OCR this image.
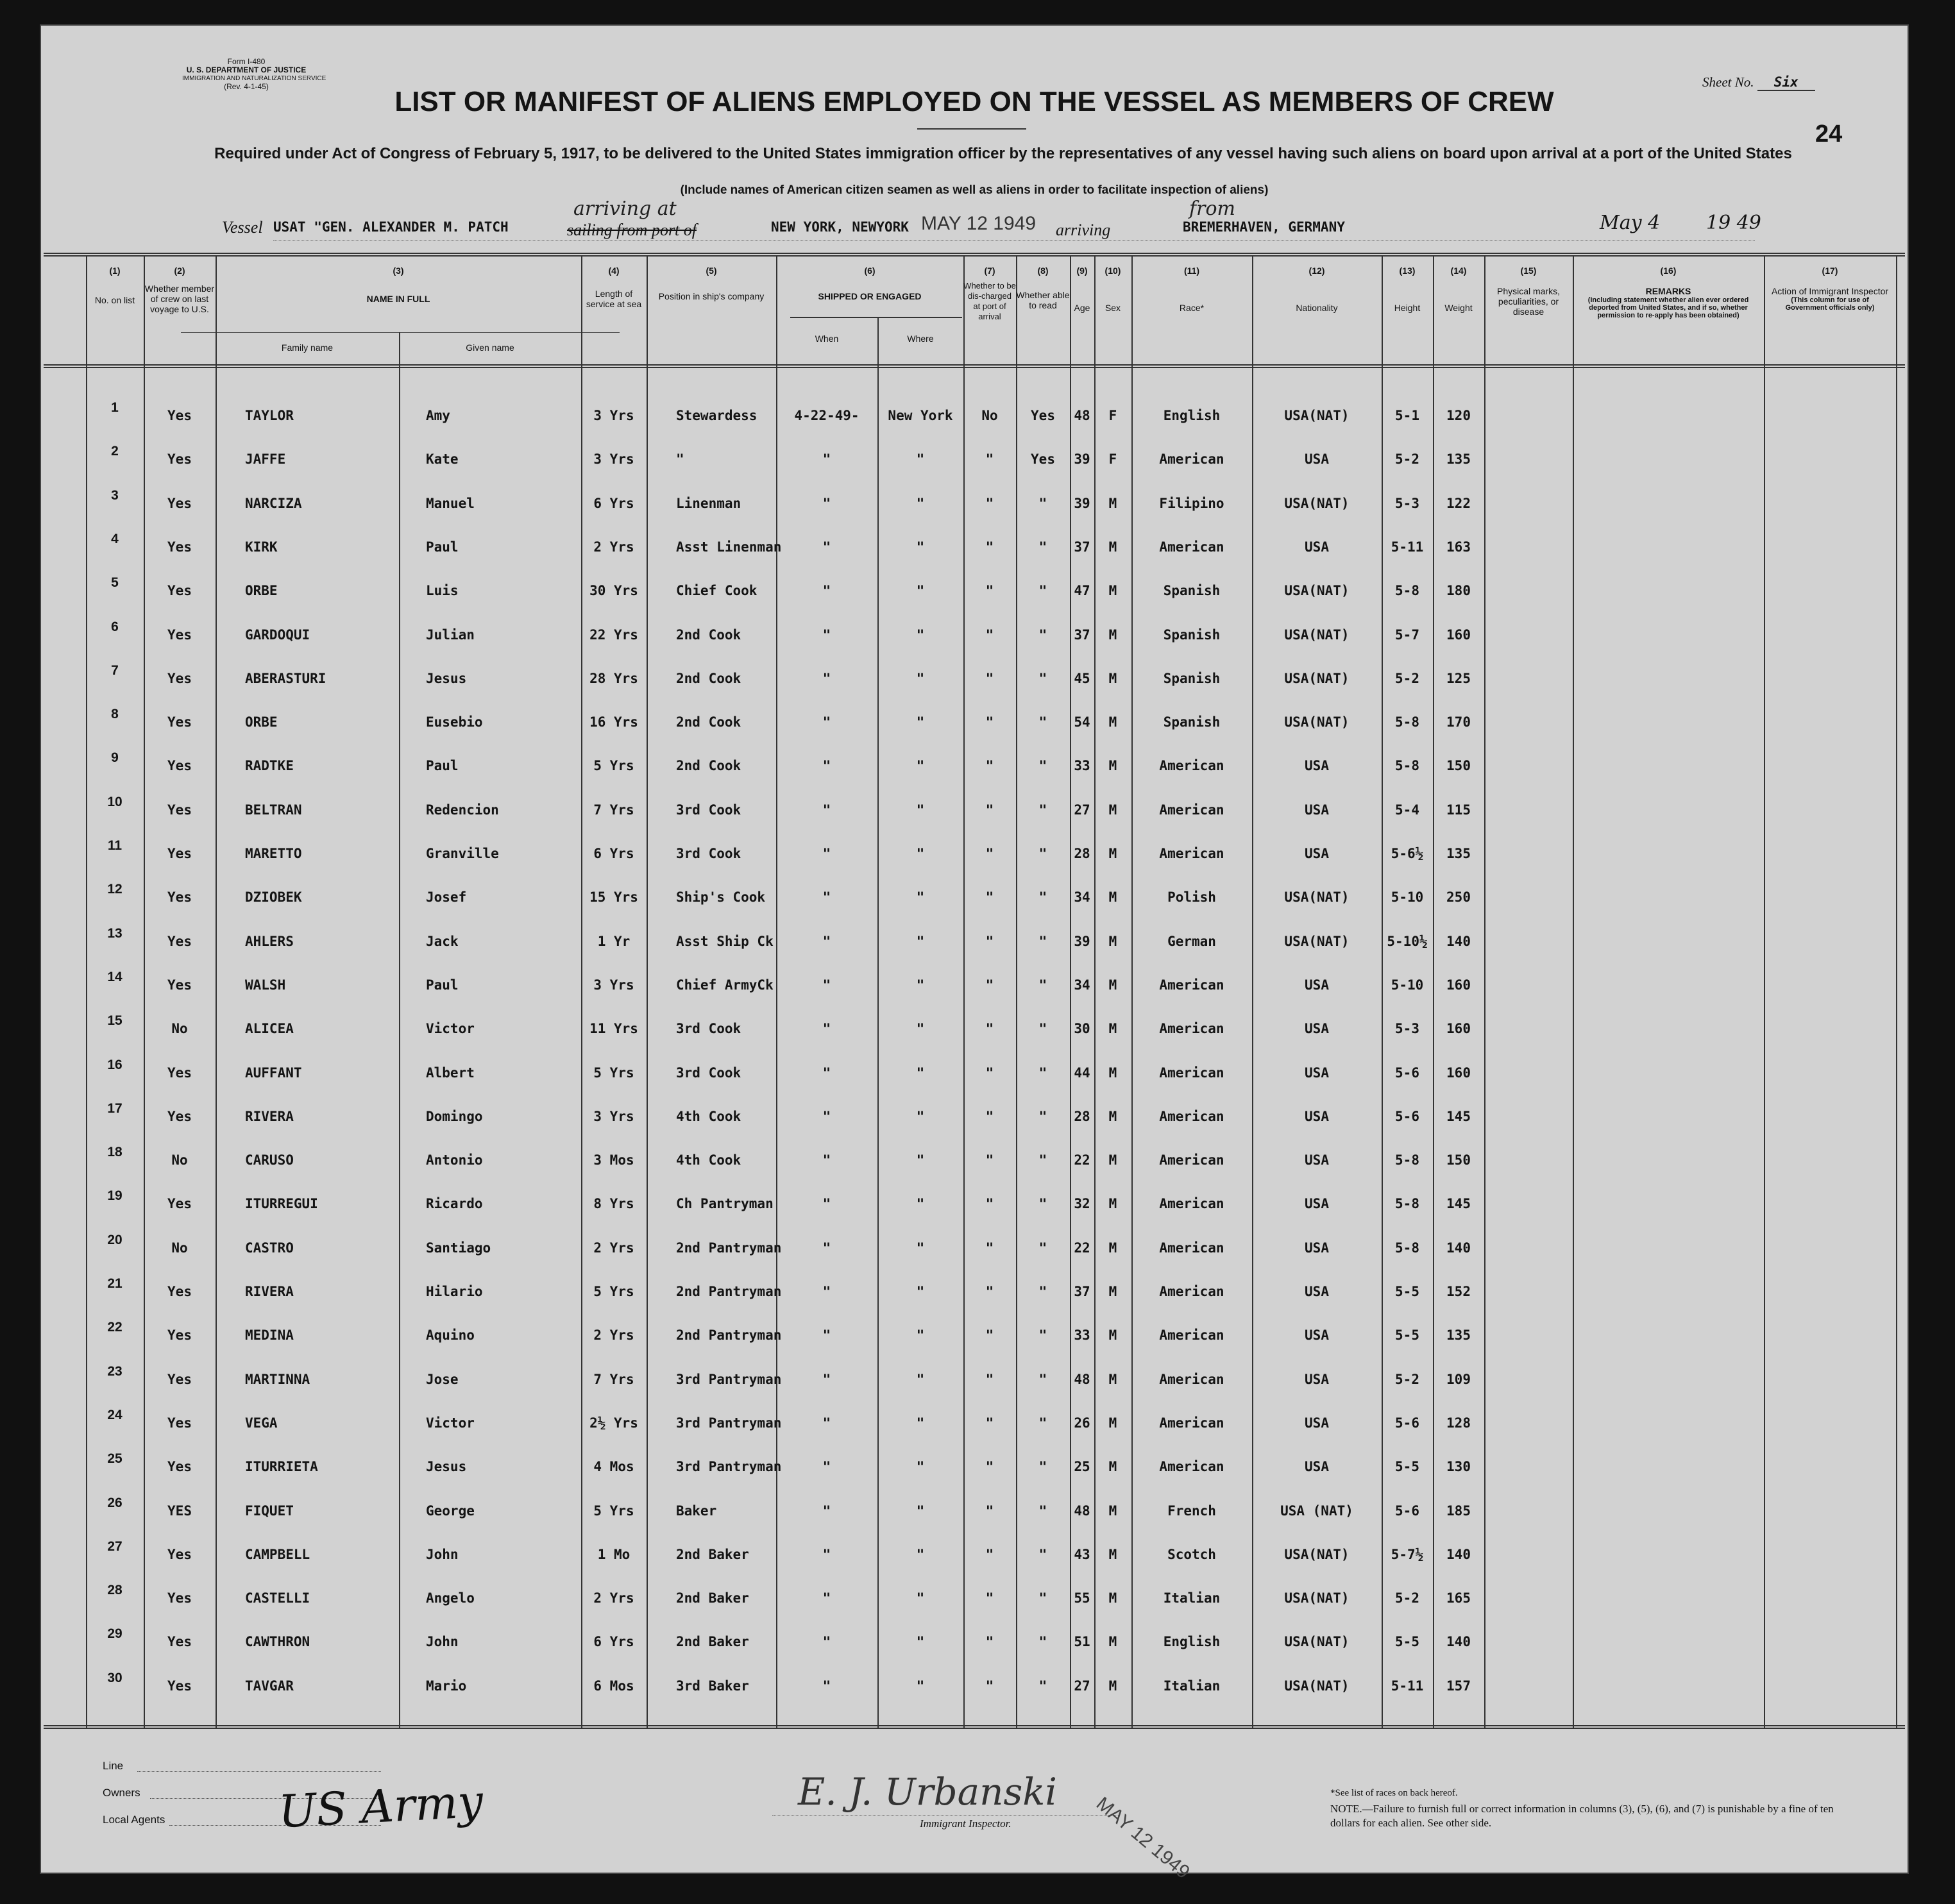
Form I-480
U. S. DEPARTMENT OF JUSTICE
IMMIGRATION AND NATURALIZATION SERVICE
(Rev. 4-1-45)	Sheet No. Six
24
LIST OR MANIFEST OF ALIENS EMPLOYED ON THE VESSEL AS MEMBERS OF CREW
Required under Act of Congress of February 5, 1917, to be delivered to the United States immigration officer by the representatives of any vessel having such aliens on board upon arrival at a port of the United States
(Include names of American citizen seamen as well as aliens in order to facilitate inspection of aliens)
Vessel USAT "GEN. ALEXANDER M. PATCH
arriving at
sailing from port of	NEW YORK, NEWYORK MAY 12 1949 arriving
from
BREMERHAVEN, GERMANY	May 4 19 49
(1)
No. on list
(2)
Whether member of crew on last voyage to U.S.
(3)
NAME IN FULL
Family name	Given name
(4)
Length of service at sea
(5)
Position in ship's company
(6)
SHIPPED OR ENGAGED
When	Where
(7)
Whether to be dis-charged at port of arrival
(8)
Whether able to read
(9)
Age
(10)
Sex
(11)
Race*
(12)
Nationality
(13)
Height
(14)
Weight
(15)
Physical marks, peculiarities, or disease
(16)
REMARKS
(Including statement whether alien ever ordered deported from United States, and if so, whether permission to re-apply has been obtained)
(17)
Action of Immigrant Inspector
(This column for use of Government officials only)
1
Yes	TAYLOR	Amy	3 Yrs	Stewardess	4-22-49-	New York	No	Yes	48	F	English	USA(NAT)	5-1	120
2
Yes	JAFFE	Kate	3 Yrs	"	"	"	"	Yes	39	F	American	USA	5-2	135
3
Yes	NARCIZA	Manuel	6 Yrs	Linenman	"	"	"	"	39	M	Filipino	USA(NAT)	5-3	122
4
Yes	KIRK	Paul	2 Yrs	Asst Linenman	"	"	"	"	37	M	American	USA	5-11	163
5
Yes	ORBE	Luis	30 Yrs	Chief Cook	"	"	"	"	47	M	Spanish	USA(NAT)	5-8	180
6
Yes	GARDOQUI	Julian	22 Yrs	2nd Cook	"	"	"	"	37	M	Spanish	USA(NAT)	5-7	160
7
Yes	ABERASTURI	Jesus	28 Yrs	2nd Cook	"	"	"	"	45	M	Spanish	USA(NAT)	5-2	125
8
Yes	ORBE	Eusebio	16 Yrs	2nd Cook	"	"	"	"	54	M	Spanish	USA(NAT)	5-8	170
9
Yes	RADTKE	Paul	5 Yrs	2nd Cook	"	"	"	"	33	M	American	USA	5-8	150
10
Yes	BELTRAN	Redencion	7 Yrs	3rd Cook	"	"	"	"	27	M	American	USA	5-4	115
11
Yes	MARETTO	Granville	6 Yrs	3rd Cook	"	"	"	"	28	M	American	USA	5-6½	135
12
Yes	DZIOBEK	Josef	15 Yrs	Ship's Cook	"	"	"	"	34	M	Polish	USA(NAT)	5-10	250
13
Yes	AHLERS	Jack	1 Yr	Asst Ship Ck	"	"	"	"	39	M	German	USA(NAT)	5-10½	140
14
Yes	WALSH	Paul	3 Yrs	Chief ArmyCk	"	"	"	"	34	M	American	USA	5-10	160
15
No	ALICEA	Victor	11 Yrs	3rd Cook	"	"	"	"	30	M	American	USA	5-3	160
16
Yes	AUFFANT	Albert	5 Yrs	3rd Cook	"	"	"	"	44	M	American	USA	5-6	160
17
Yes	RIVERA	Domingo	3 Yrs	4th Cook	"	"	"	"	28	M	American	USA	5-6	145
18
No	CARUSO	Antonio	3 Mos	4th Cook	"	"	"	"	22	M	American	USA	5-8	150
19
Yes	ITURREGUI	Ricardo	8 Yrs	Ch Pantryman	"	"	"	"	32	M	American	USA	5-8	145
20
No	CASTRO	Santiago	2 Yrs	2nd Pantryman	"	"	"	"	22	M	American	USA	5-8	140
21
Yes	RIVERA	Hilario	5 Yrs	2nd Pantryman	"	"	"	"	37	M	American	USA	5-5	152
22
Yes	MEDINA	Aquino	2 Yrs	2nd Pantryman	"	"	"	"	33	M	American	USA	5-5	135
23
Yes	MARTINNA	Jose	7 Yrs	3rd Pantryman	"	"	"	"	48	M	American	USA	5-2	109
24
Yes	VEGA	Victor	2½ Yrs	3rd Pantryman	"	"	"	"	26	M	American	USA	5-6	128
25
Yes	ITURRIETA	Jesus	4 Mos	3rd Pantryman	"	"	"	"	25	M	American	USA	5-5	130
26
YES	FIQUET	George	5 Yrs	Baker	"	"	"	"	48	M	French	USA (NAT)	5-6	185
27
Yes	CAMPBELL	John	1 Mo	2nd Baker	"	"	"	"	43	M	Scotch	USA(NAT)	5-7½	140
28
Yes	CASTELLI	Angelo	2 Yrs	2nd Baker	"	"	"	"	55	M	Italian	USA(NAT)	5-2	165
29
Yes	CAWTHRON	John	6 Yrs	2nd Baker	"	"	"	"	51	M	English	USA(NAT)	5-5	140
30
Yes	TAVGAR	Mario	6 Mos	3rd Baker	"	"	"	"	27	M	Italian	USA(NAT)	5-11	157
Line
Owners
Local Agents US Army	E. J. Urbanski
MAY 12 1949
Immigrant Inspector.
*See list of races on back hereof.
NOTE.—Failure to furnish full or correct information in columns (3), (5), (6), and (7) is punishable by a fine of ten dollars for each alien. See other side.
